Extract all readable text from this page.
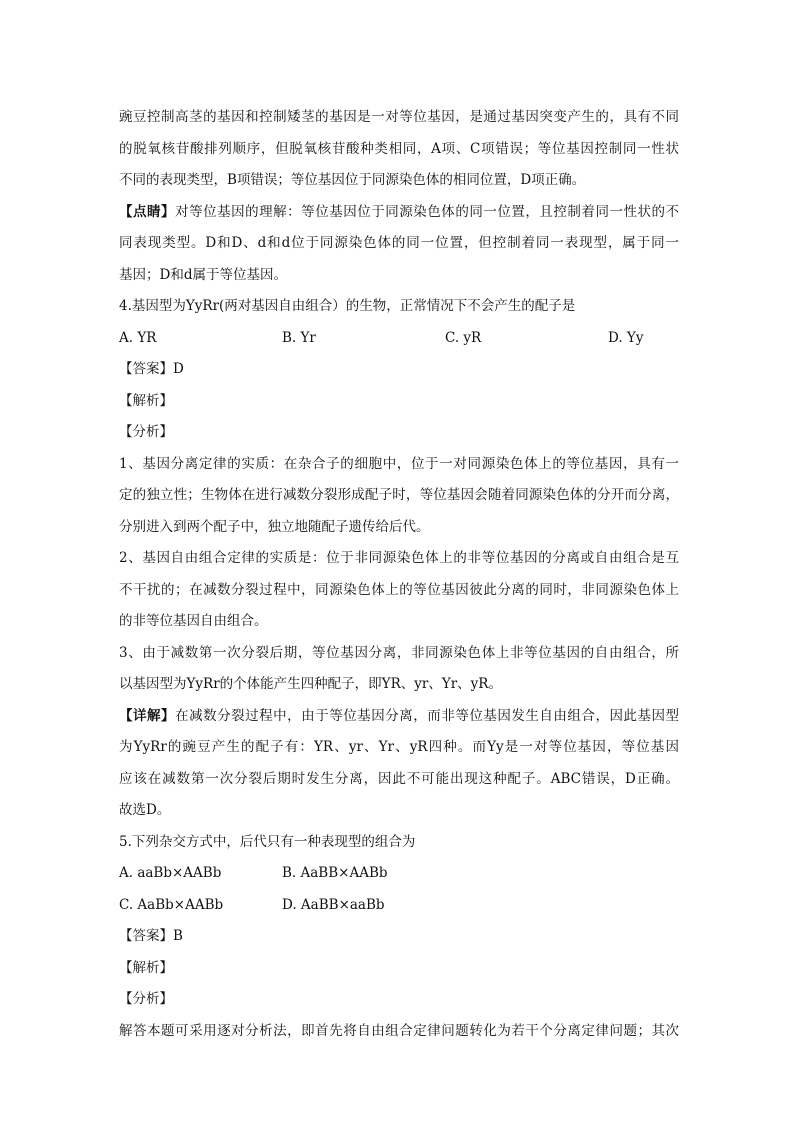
豌豆控制高茎的基因和控制矮茎的基因是一对等位基因，是通过基因突变产生的，具有不同
的脱氧核苷酸排列顺序，但脱氧核苷酸种类相同，A项、C项错误；等位基因控制同一性状
不同的表现类型，B项错误；等位基因位于同源染色体的相同位置，D项正确。
【点睛】对等位基因的理解：等位基因位于同源染色体的同一位置，且控制着同一性状的不
同表现类型。D和D、d和d位于同源染色体的同一位置，但控制着同一表现型，属于同一
基因；D和d属于等位基因。
4.基因型为YyRr(两对基因自由组合）的生物，正常情况下不会产生的配子是
A. YR	B. Yr	C. yR	D. Yy
【答案】D
【解析】
【分析】
1、基因分离定律的实质：在杂合子的细胞中，位于一对同源染色体上的等位基因，具有一
定的独立性；生物体在进行减数分裂形成配子时，等位基因会随着同源染色体的分开而分离，
分别进入到两个配子中，独立地随配子遗传给后代。
2、基因自由组合定律的实质是：位于非同源染色体上的非等位基因的分离或自由组合是互
不干扰的；在减数分裂过程中，同源染色体上的等位基因彼此分离的同时，非同源染色体上
的非等位基因自由组合。
3、由于减数第一次分裂后期，等位基因分离，非同源染色体上非等位基因的自由组合，所
以基因型为YyRr的个体能产生四种配子，即YR、yr、Yr、yR。
【详解】在减数分裂过程中，由于等位基因分离，而非等位基因发生自由组合，因此基因型
为YyRr的豌豆产生的配子有：YR、yr、Yr、yR四种。而Yy是一对等位基因，等位基因
应该在减数第一次分裂后期时发生分离，因此不可能出现这种配子。ABC错误，D正确。
故选D。
5.下列杂交方式中，后代只有一种表现型的组合为
A. aaBb×AABb	B. AaBB×AABb
C. AaBb×AABb	D. AaBB×aaBb
【答案】B
【解析】
【分析】
解答本题可采用逐对分析法，即首先将自由组合定律问题转化为若干个分离定律问题；其次
